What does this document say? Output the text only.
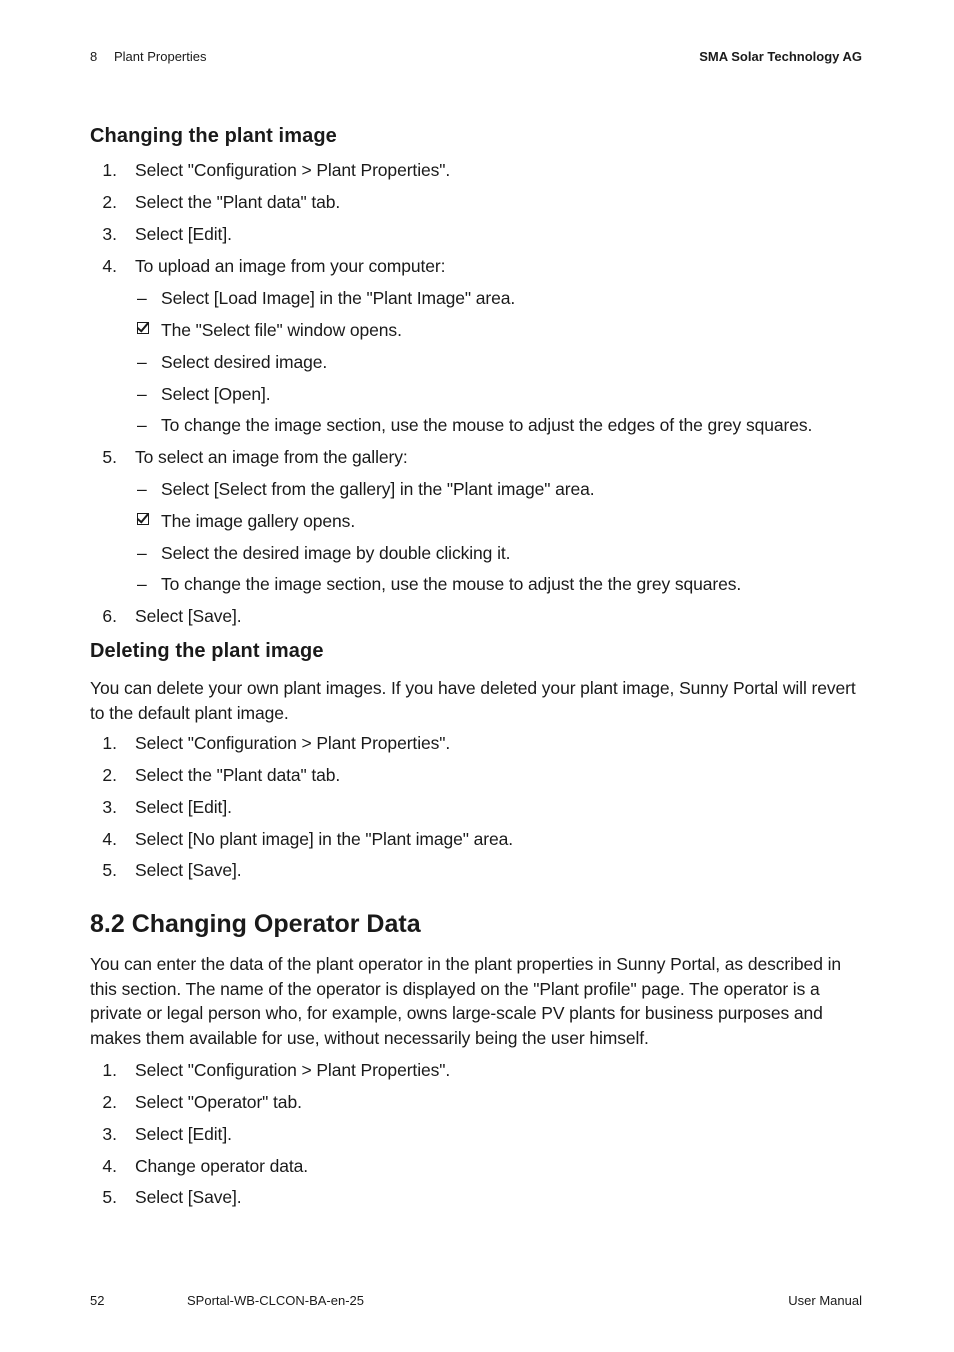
8 Plant Properties	SMA Solar Technology AG
Changing the plant image
1. Select "Configuration > Plant Properties".
2. Select the "Plant data" tab.
3. Select [Edit].
4. To upload an image from your computer:
– Select [Load Image] in the "Plant Image" area.
The "Select file" window opens.
– Select desired image.
– Select [Open].
– To change the image section, use the mouse to adjust the edges of the grey squares.
5. To select an image from the gallery:
– Select [Select from the gallery] in the "Plant image" area.
The image gallery opens.
– Select the desired image by double clicking it.
– To change the image section, use the mouse to adjust the the grey squares.
6. Select [Save].
Deleting the plant image
You can delete your own plant images. If you have deleted your plant image, Sunny Portal will revert to the default plant image.
1. Select "Configuration > Plant Properties".
2. Select the "Plant data" tab.
3. Select [Edit].
4. Select [No plant image] in the "Plant image" area.
5. Select [Save].
8.2 Changing Operator Data
You can enter the data of the plant operator in the plant properties in Sunny Portal, as described in this section. The name of the operator is displayed on the "Plant profile" page. The operator is a private or legal person who, for example, owns large-scale PV plants for business purposes and makes them available for use, without necessarily being the user himself.
1. Select "Configuration > Plant Properties".
2. Select "Operator" tab.
3. Select [Edit].
4. Change operator data.
5. Select [Save].
52	SPortal-WB-CLCON-BA-en-25	User Manual
